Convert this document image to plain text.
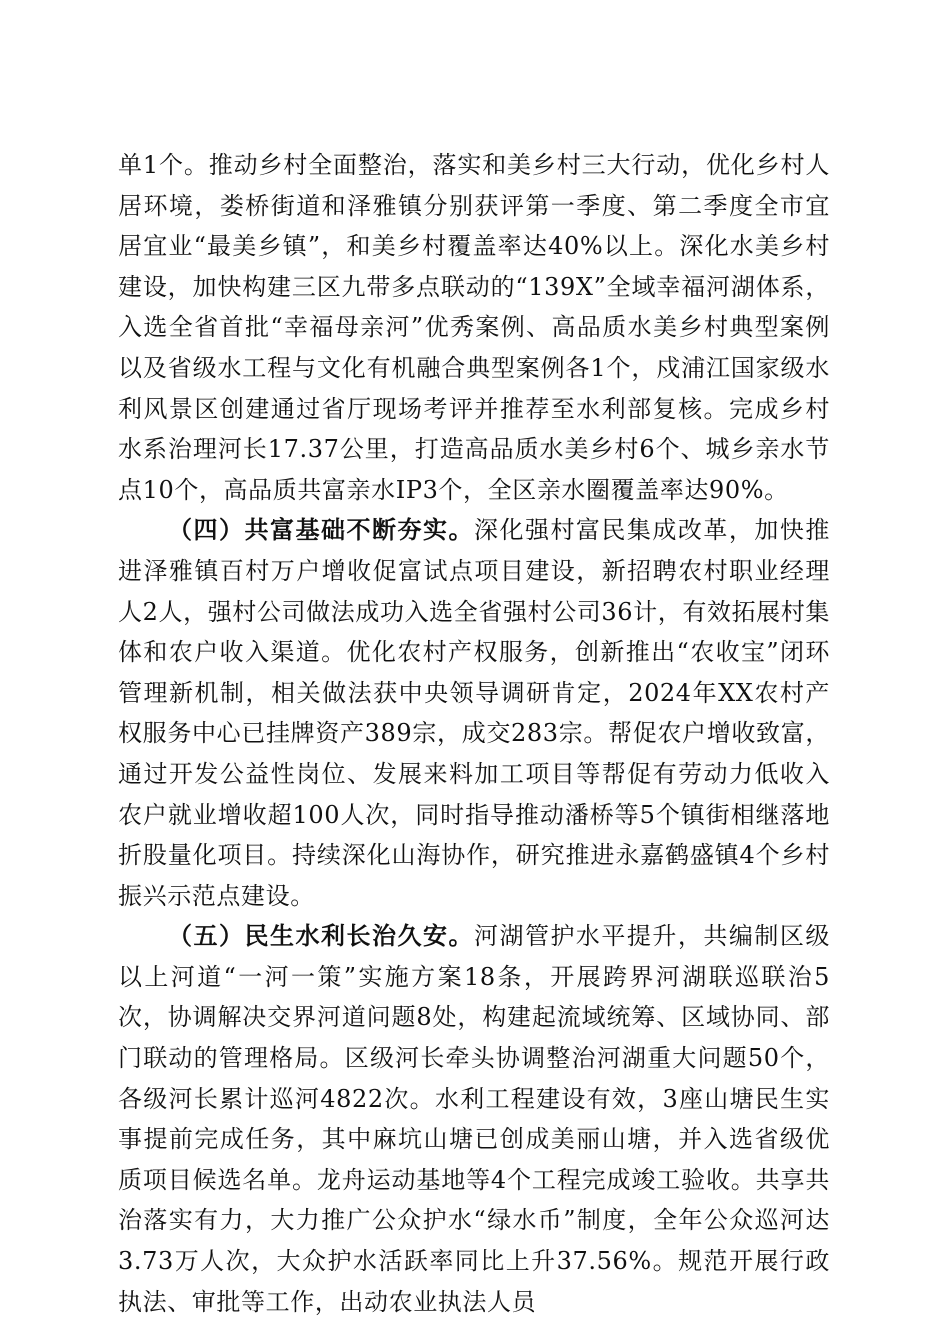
单1个。推动乡村全面整治，落实和美乡村三大行动，优化乡村人居环境，娄桥街道和泽雅镇分别获评第一季度、第二季度全市宜居宜业“最美乡镇”，和美乡村覆盖率达40%以上。深化水美乡村建设，加快构建三区九带多点联动的“139X”全域幸福河湖体系，入选全省首批“幸福母亲河”优秀案例、高品质水美乡村典型案例以及省级水工程与文化有机融合典型案例各1个，戍浦江国家级水利风景区创建通过省厅现场考评并推荐至水利部复核。完成乡村水系治理河长17.37公里，打造高品质水美乡村6个、城乡亲水节点10个，高品质共富亲水IP3个，全区亲水圈覆盖率达90%。

（四）共富基础不断夯实。深化强村富民集成改革，加快推进泽雅镇百村万户增收促富试点项目建设，新招聘农村职业经理人2人，强村公司做法成功入选全省强村公司36计，有效拓展村集体和农户收入渠道。优化农村产权服务，创新推出“农收宝”闭环管理新机制，相关做法获中央领导调研肯定，2024年XX农村产权服务中心已挂牌资产389宗，成交283宗。帮促农户增收致富，通过开发公益性岗位、发展来料加工项目等帮促有劳动力低收入农户就业增收超100人次，同时指导推动潘桥等5个镇街相继落地折股量化项目。持续深化山海协作，研究推进永嘉鹤盛镇4个乡村振兴示范点建设。

（五）民生水利长治久安。河湖管护水平提升，共编制区级以上河道“一河一策”实施方案18条，开展跨界河湖联巡联治5次，协调解决交界河道问题8处，构建起流域统筹、区域协同、部门联动的管理格局。区级河长牵头协调整治河湖重大问题50个，各级河长累计巡河4822次。水利工程建设有效，3座山塘民生实事提前完成任务，其中麻坑山塘已创成美丽山塘，并入选省级优质项目候选名单。龙舟运动基地等4个工程完成竣工验收。共享共治落实有力，大力推广公众护水“绿水币”制度，全年公众巡河达3.73万人次，大众护水活跃率同比上升37.56%。规范开展行政执法、审批等工作，出动农业执法人员
